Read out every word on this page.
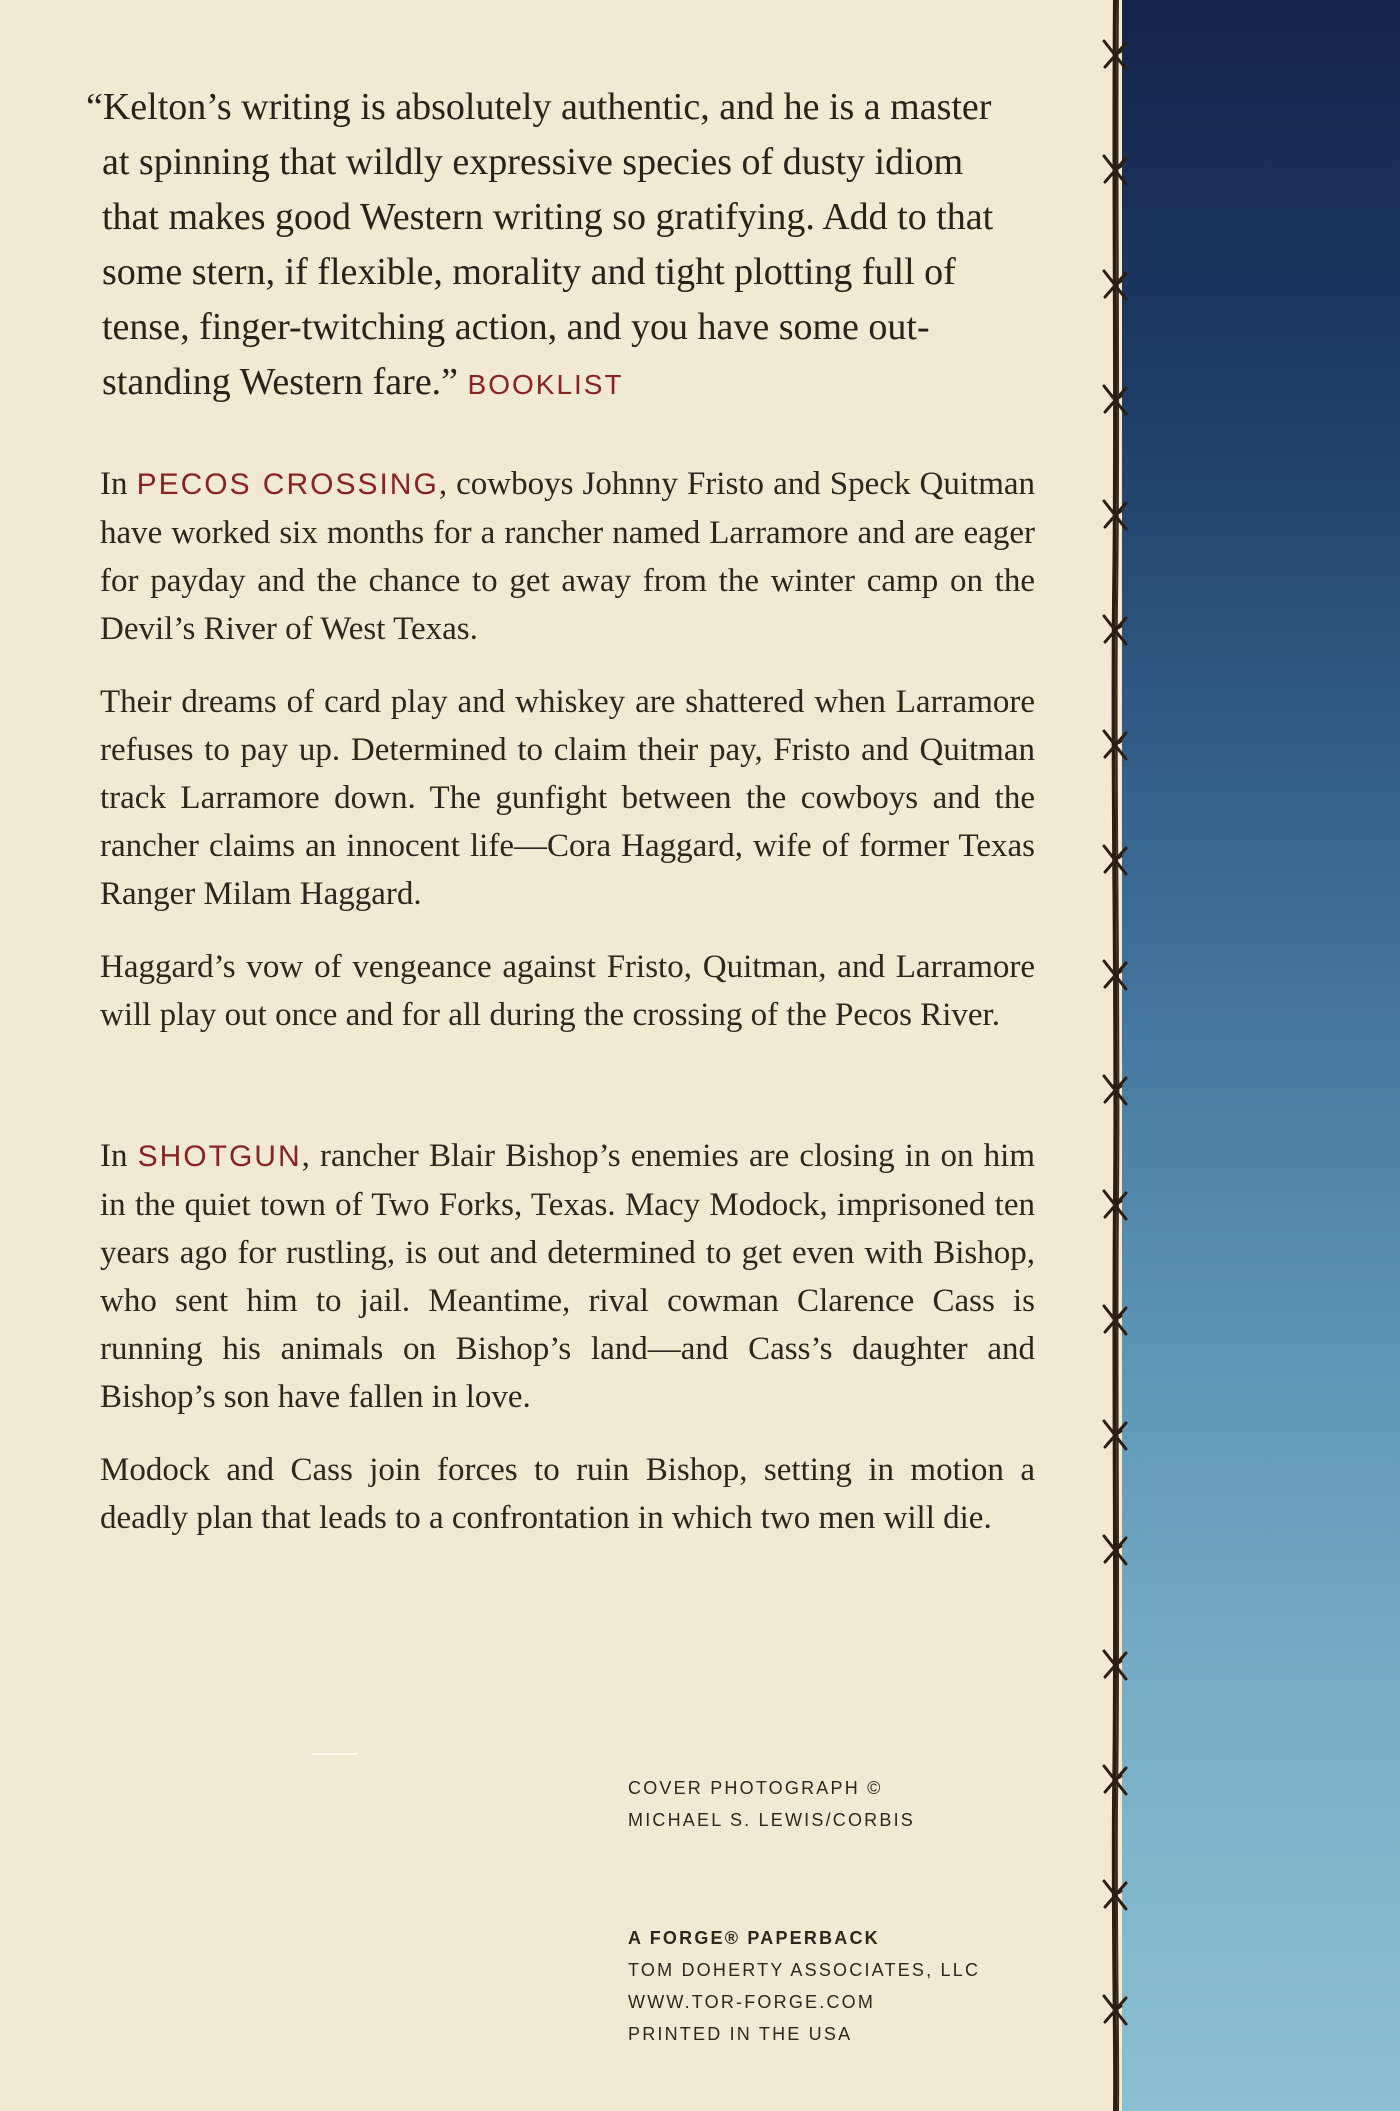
“Kelton’s writing is absolutely authentic, and he is a master
at spinning that wildly expressive species of dusty idiom
that makes good Western writing so gratifying. Add to that
some stern, if flexible, morality and tight plotting full of
tense, finger-twitching action, and you have some out-
standing Western fare.” BOOKLIST

In PECOS CROSSING, cowboys Johnny Fristo and Speck Quitman have worked six months for a rancher named Larramore and are eager for payday and the chance to get away from the winter camp on the Devil’s River of West Texas.

Their dreams of card play and whiskey are shattered when Larramore refuses to pay up. Determined to claim their pay, Fristo and Quitman track Larramore down. The gunfight between the cowboys and the rancher claims an innocent life—Cora Haggard, wife of former Texas Ranger Milam Haggard.

Haggard’s vow of vengeance against Fristo, Quitman, and Larramore will play out once and for all during the crossing of the Pecos River.

In SHOTGUN, rancher Blair Bishop’s enemies are closing in on him in the quiet town of Two Forks, Texas. Macy Modock, imprisoned ten years ago for rustling, is out and determined to get even with Bishop, who sent him to jail. Meantime, rival cowman Clarence Cass is running his animals on Bishop’s land—and Cass’s daughter and Bishop’s son have fallen in love.

Modock and Cass join forces to ruin Bishop, setting in motion a deadly plan that leads to a confrontation in which two men will die.

COVER PHOTOGRAPH ©
MICHAEL S. LEWIS/CORBIS
A FORGE® PAPERBACK
TOM DOHERTY ASSOCIATES, LLC
WWW.TOR-FORGE.COM
PRINTED IN THE USA
